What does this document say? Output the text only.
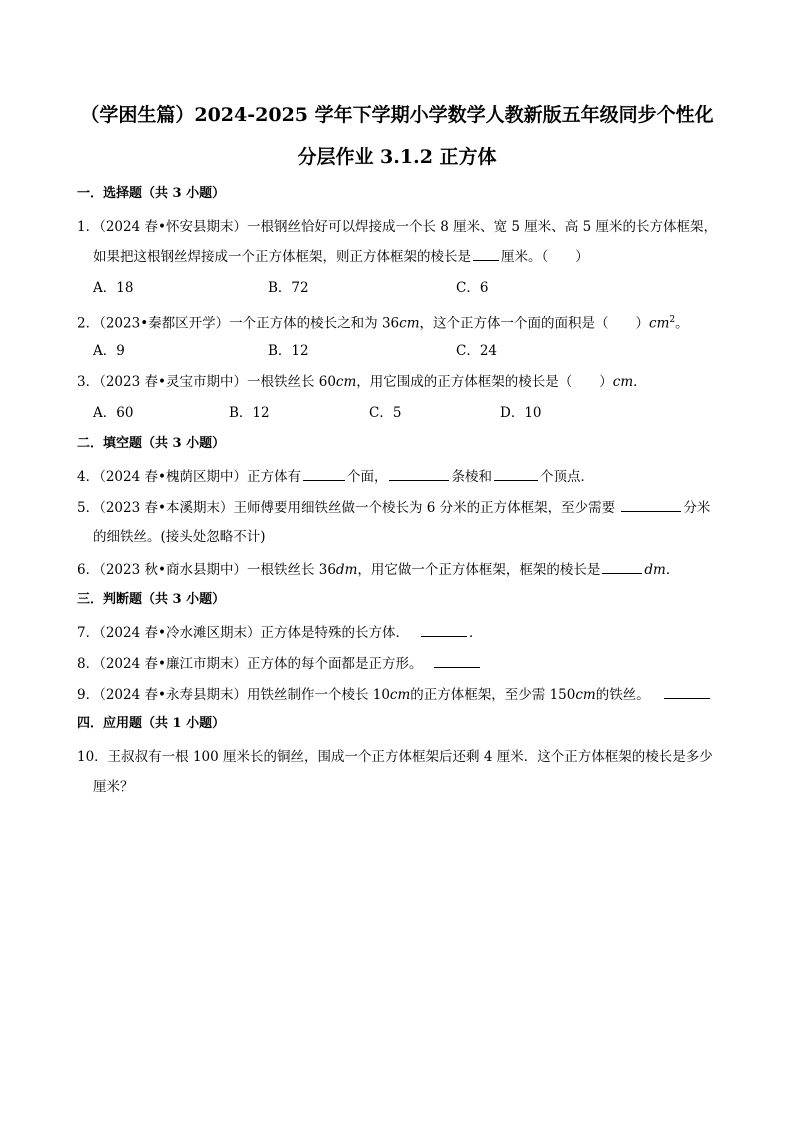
（学困生篇）2024-2025 学年下学期小学数学人教新版五年级同步个性化
分层作业 3.1.2 正方体
一．选择题（共 3 小题）
1．（2024 春•怀安县期末）一根钢丝恰好可以焊接成一个长 8 厘米、宽 5 厘米、高 5 厘米的长方体框架，
如果把这根钢丝焊接成一个正方体框架，则正方体框架的棱长是 厘米。（　　）
A．18	B．72	C．6
2．（2023•秦都区开学）一个正方体的棱长之和为 36cm，这个正方体一个面的面积是（　　）$cm^2$。
A．9	B．12	C．24
3．（2023 春•灵宝市期中）一根铁丝长 60cm，用它围成的正方体框架的棱长是（　　）cm．
A．60	B．12	C．5	D．10
二．填空题（共 3 小题）
4．（2024 春•槐荫区期中）正方体有	个面，	条棱和	个顶点．
5．（2023 春•本溪期末）王师傅要用细铁丝做一个棱长为 6 分米的正方体框架，至少需要	分米
的细铁丝。(接头处忽略不计)
6．（2023 秋•商水县期中）一根铁丝长 36dm，用它做一个正方体框架，框架的棱长是	dm．
三．判断题（共 3 小题）
7．（2024 春•冷水滩区期末）正方体是特殊的长方体．	．
8．（2024 春•廉江市期末）正方体的每个面都是正方形。
9．（2024 春•永寿县期末）用铁丝制作一个棱长 10cm的正方体框架，至少需 150cm的铁丝。
四．应用题（共 1 小题）
10．王叔叔有一根 100 厘米长的铜丝，围成一个正方体框架后还剩 4 厘米．这个正方体框架的棱长是多少
厘米？
